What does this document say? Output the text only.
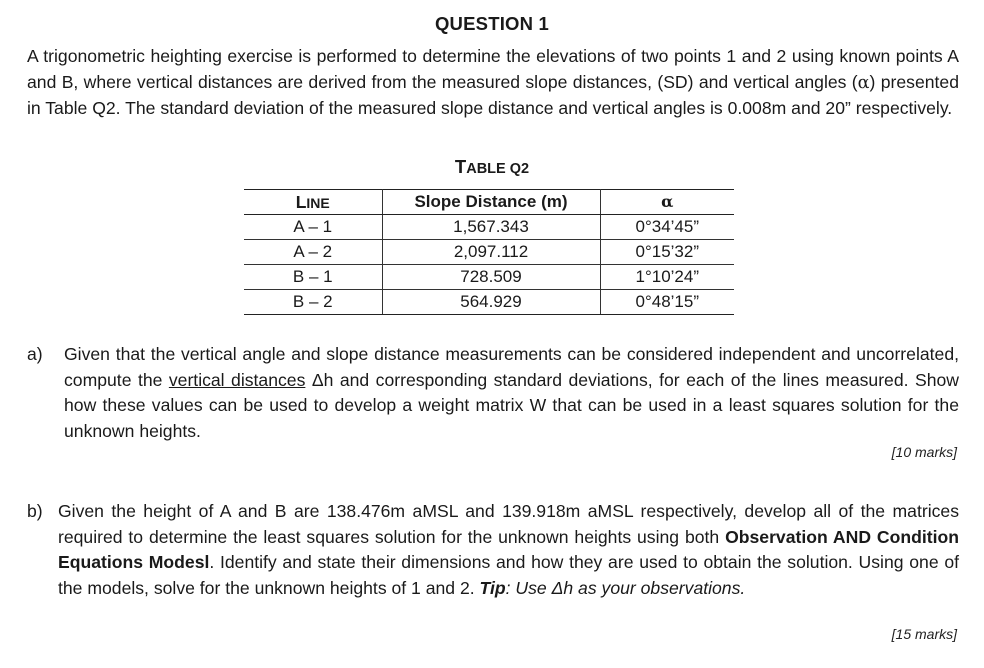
QUESTION 1

A trigonometric heighting exercise is performed to determine the elevations of two points 1 and 2 using known points A and B, where vertical distances are derived from the measured slope distances, (SD) and vertical angles (α) presented in Table Q2. The standard deviation of the measured slope distance and vertical angles is 0.008m and 20” respectively.

TABLE Q2
LINE	Slope Distance (m)	α
A – 1	1,567.343	0°34’45”
A – 2	2,097.112	0°15’32”
B – 1	728.509	1°10’24”
B – 2	564.929	0°48’15”
a) Given that the vertical angle and slope distance measurements can be considered independent and uncorrelated, compute the vertical distances Δh and corresponding standard deviations, for each of the lines measured. Show how these values can be used to develop a weight matrix W that can be used in a least squares solution for the unknown heights.
[10 marks]
b) Given the height of A and B are 138.476m aMSL and 139.918m aMSL respectively, develop all of the matrices required to determine the least squares solution for the unknown heights using both Observation AND Condition Equations Modesl. Identify and state their dimensions and how they are used to obtain the solution. Using one of the models, solve for the unknown heights of 1 and 2. Tip: Use Δh as your observations.
[15 marks]
